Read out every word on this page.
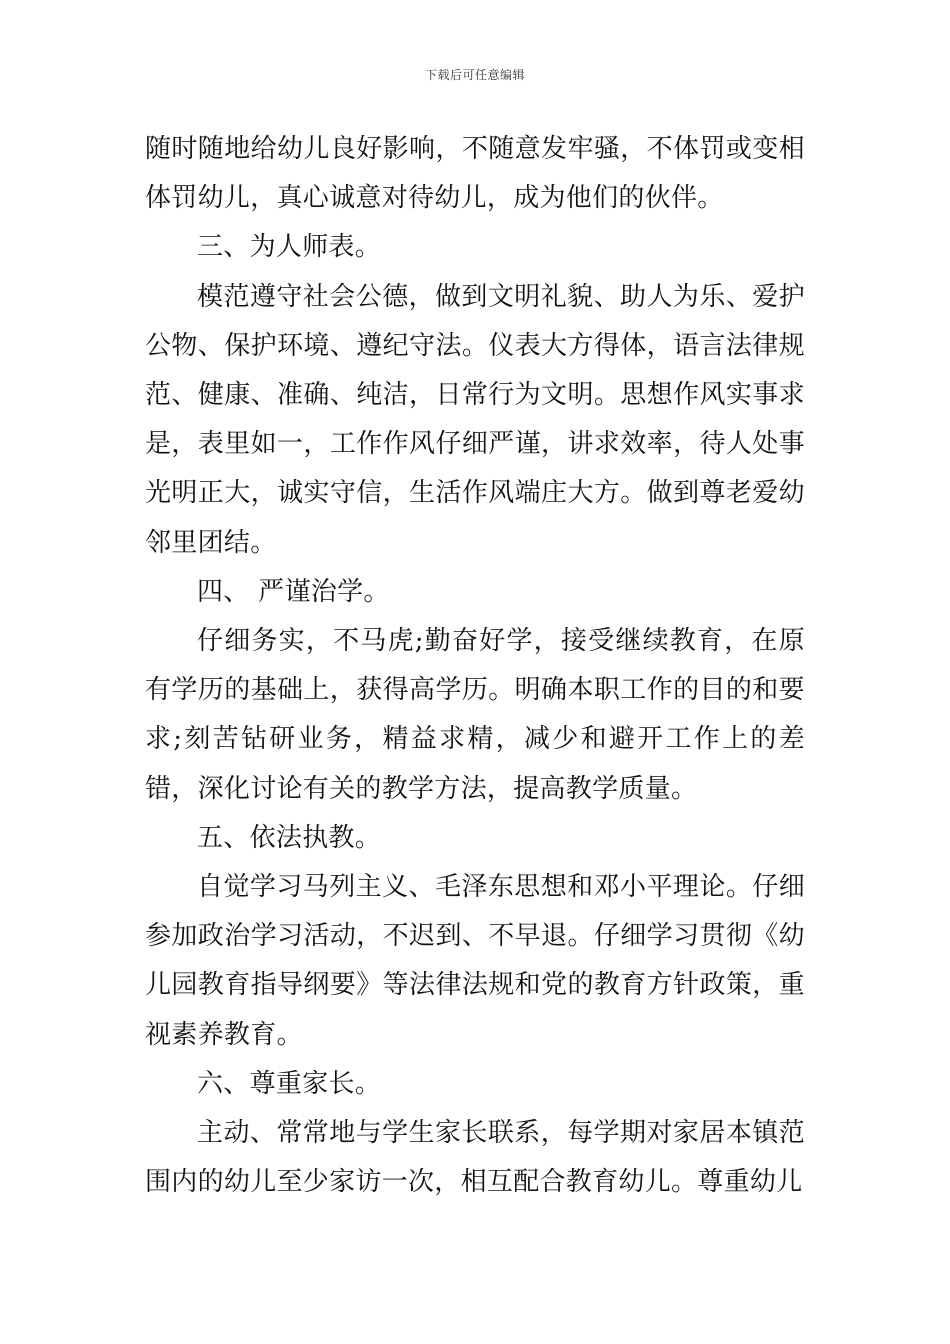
下载后可任意编辑

随时随地给幼儿良好影响，不随意发牢骚，不体罚或变相体罚幼儿，真心诚意对待幼儿，成为他们的伙伴。

三、为人师表。

模范遵守社会公德，做到文明礼貌、助人为乐、爱护公物、保护环境、遵纪守法。仪表大方得体，语言法律规范、健康、准确、纯洁，日常行为文明。思想作风实事求是，表里如一，工作作风仔细严谨，讲求效率，待人处事光明正大，诚实守信，生活作风端庄大方。做到尊老爱幼邻里团结。

四、 严谨治学。

仔细务实，不马虎;勤奋好学，接受继续教育，在原有学历的基础上，获得高学历。明确本职工作的目的和要求;刻苦钻研业务，精益求精，减少和避开工作上的差错，深化讨论有关的教学方法，提高教学质量。

五、依法执教。

自觉学习马列主义、毛泽东思想和邓小平理论。仔细参加政治学习活动，不迟到、不早退。仔细学习贯彻《幼儿园教育指导纲要》等法律法规和党的教育方针政策，重视素养教育。

六、尊重家长。

主动、常常地与学生家长联系，每学期对家居本镇范围内的幼儿至少家访一次，相互配合教育幼儿。尊重幼儿
